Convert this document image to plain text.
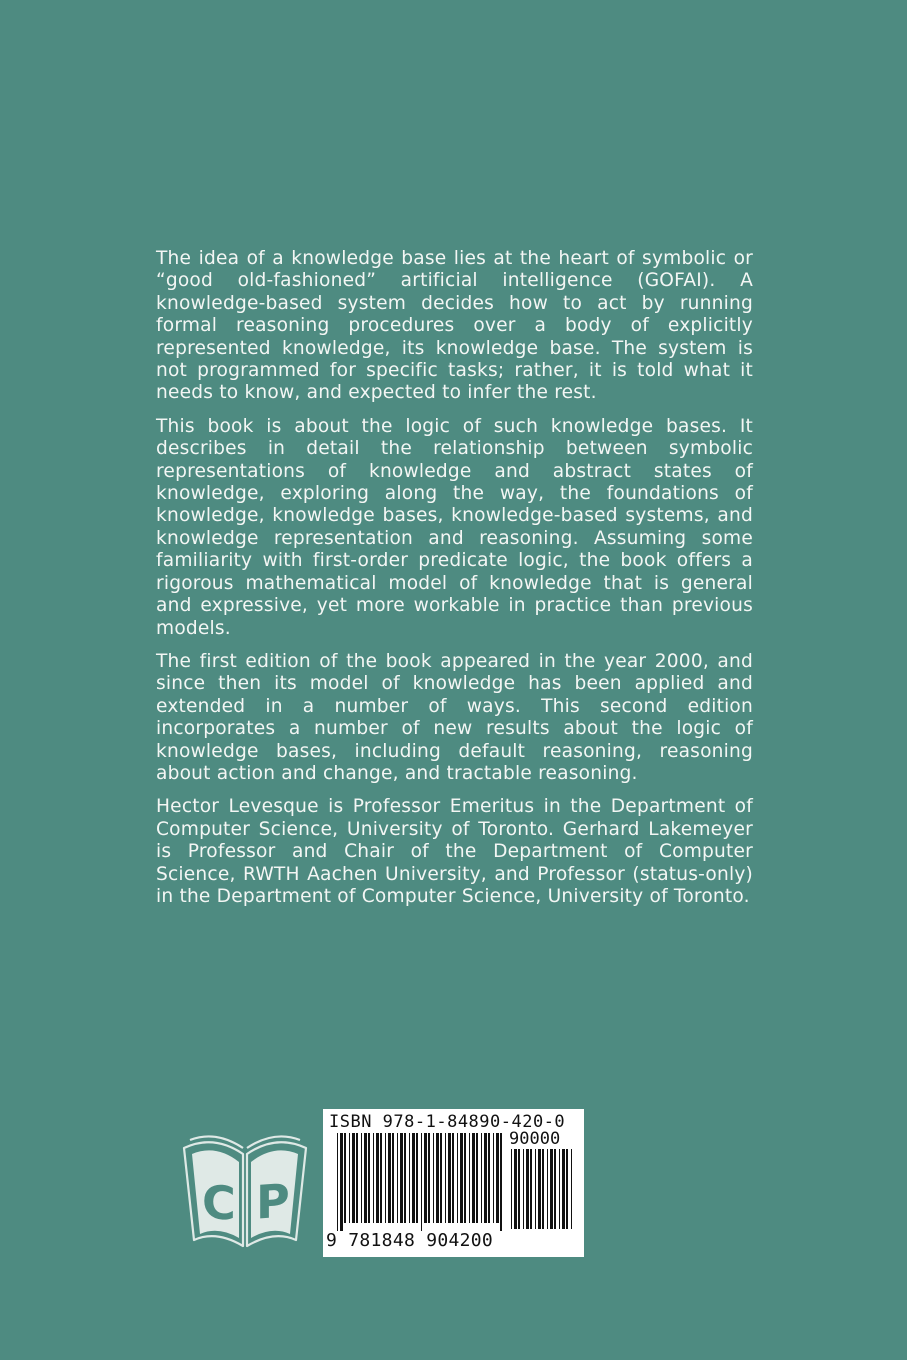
The idea of a knowledge base lies at the heart of symbolic or “good old-fashioned” artificial intelligence (GOFAI). A knowledge-based system decides how to act by running formal reasoning procedures over a body of explicitly represented knowledge, its knowledge base. The system is not programmed for specific tasks; rather, it is told what it needs to know, and expected to infer the rest.

This book is about the logic of such knowledge bases. It describes in detail the relationship between symbolic representations of knowledge and abstract states of knowledge, exploring along the way, the foundations of knowledge, knowledge bases, knowledge-based systems, and knowledge representation and reasoning. Assuming some familiarity with first-order predicate logic, the book offers a rigorous mathematical model of knowledge that is general and expressive, yet more workable in practice than previous models.

The first edition of the book appeared in the year 2000, and since then its model of knowledge has been applied and extended in a number of ways. This second edition incorporates a number of new results about the logic of knowledge bases, including default reasoning, reasoning about action and change, and tractable reasoning.

Hector Levesque is Professor Emeritus in the Department of Computer Science, University of Toronto. Gerhard Lakemeyer is Professor and Chair of the Department of Computer Science, RWTH Aachen University, and Professor (status-only) in the Department of Computer Science, University of Toronto.

C P
ISBN 978-1-84890-420-0
90000
9 781848 904200
